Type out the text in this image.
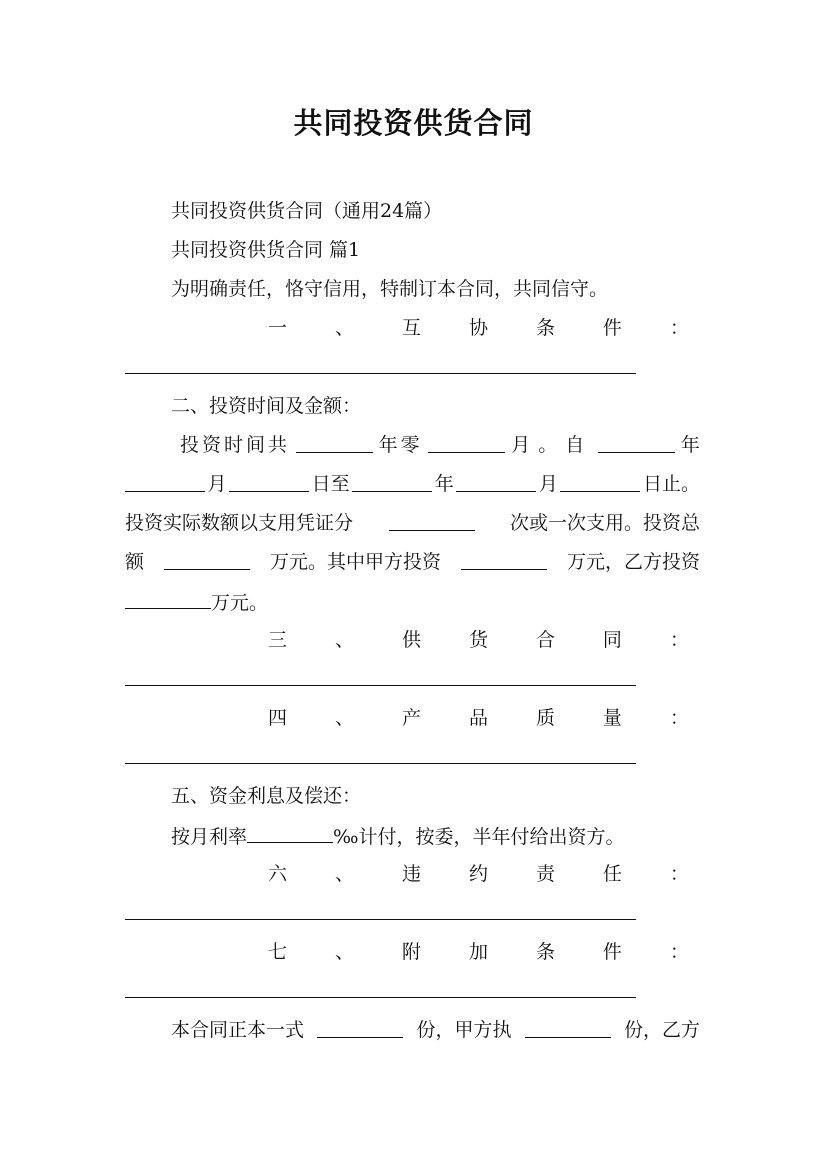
共同投资供货合同
共同投资供货合同（通用24篇）
共同投资供货合同 篇1
为明确责任，恪守信用，特制订本合同，共同信守。
一	、	互	协	条	件	：
二、投资时间及金额：
投资时间共	年零	月。自	年
月	日至	年	月	日止。
投资实际数额以支用凭证分	次或一次支用。投资总
额	万元。其中甲方投资	万元，乙方投资
万元。
三	、	供	货	合	同	：
四	、	产	品	质	量	：
五、资金利息及偿还：
按月利率	‰计付，按委，半年付给出资方。
六	、	违	约	责	任	：
七	、	附	加	条	件	：
本合同正本一式	份，甲方执	份，乙方
